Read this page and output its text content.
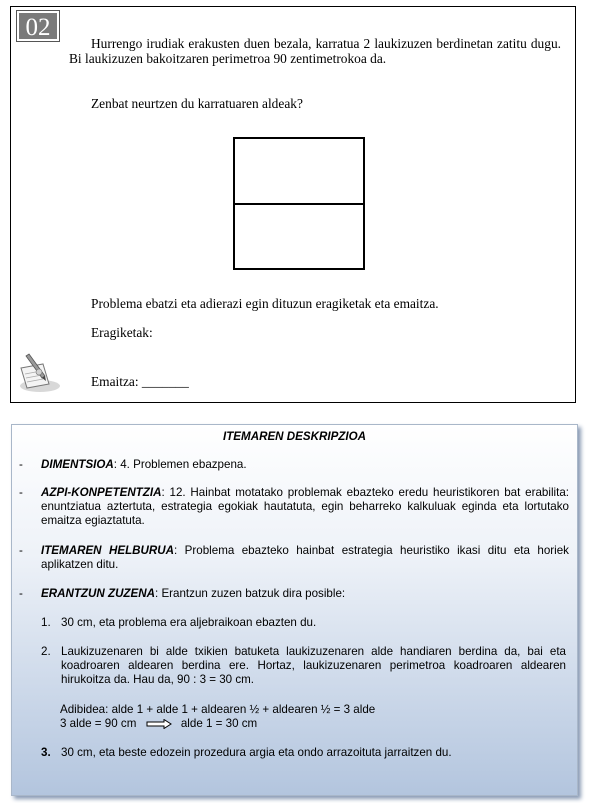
02
Hurrengo irudiak erakusten duen bezala, karratua 2 laukizuzen berdinetan zatitu dugu. Bi laukizuzen bakoitzaren perimetroa 90 zentimetrokoa da.
Zenbat neurtzen du karratuaren aldeak?
Problema ebatzi eta adierazi egin dituzun eragiketak eta emaitza.
Eragiketak:
Emaitza: _______
ITEMAREN DESKRIPZIOA
- DIMENTSIOA: 4. Problemen ebazpena.
- AZPI-KONPETENTZIA: 12. Hainbat motatako problemak ebazteko eredu heuristikoren bat erabilita: enuntziatua aztertuta, estrategia egokiak hautatuta, egin beharreko kalkuluak eginda eta lortutako emaitza egiaztatuta.
- ITEMAREN HELBURUA: Problema ebazteko hainbat estrategia heuristiko ikasi ditu eta horiek aplikatzen ditu.
- ERANTZUN ZUZENA: Erantzun zuzen batzuk dira posible:
1. 30 cm, eta problema era aljebraikoan ebazten du.
2. Laukizuzenaren bi alde txikien batuketa laukizuzenaren alde handiaren berdina da, bai eta koadroaren aldearen berdina ere. Hortaz, laukizuzenaren perimetroa koadroaren aldearen hirukoitza da. Hau da, 90 : 3 = 30 cm.
Adibidea: alde 1 + alde 1 + aldearen ½ + aldearen ½ = 3 alde
3 alde = 90 cm	alde 1 = 30 cm
3. 30 cm, eta beste edozein prozedura argia eta ondo arrazoituta jarraitzen du.
